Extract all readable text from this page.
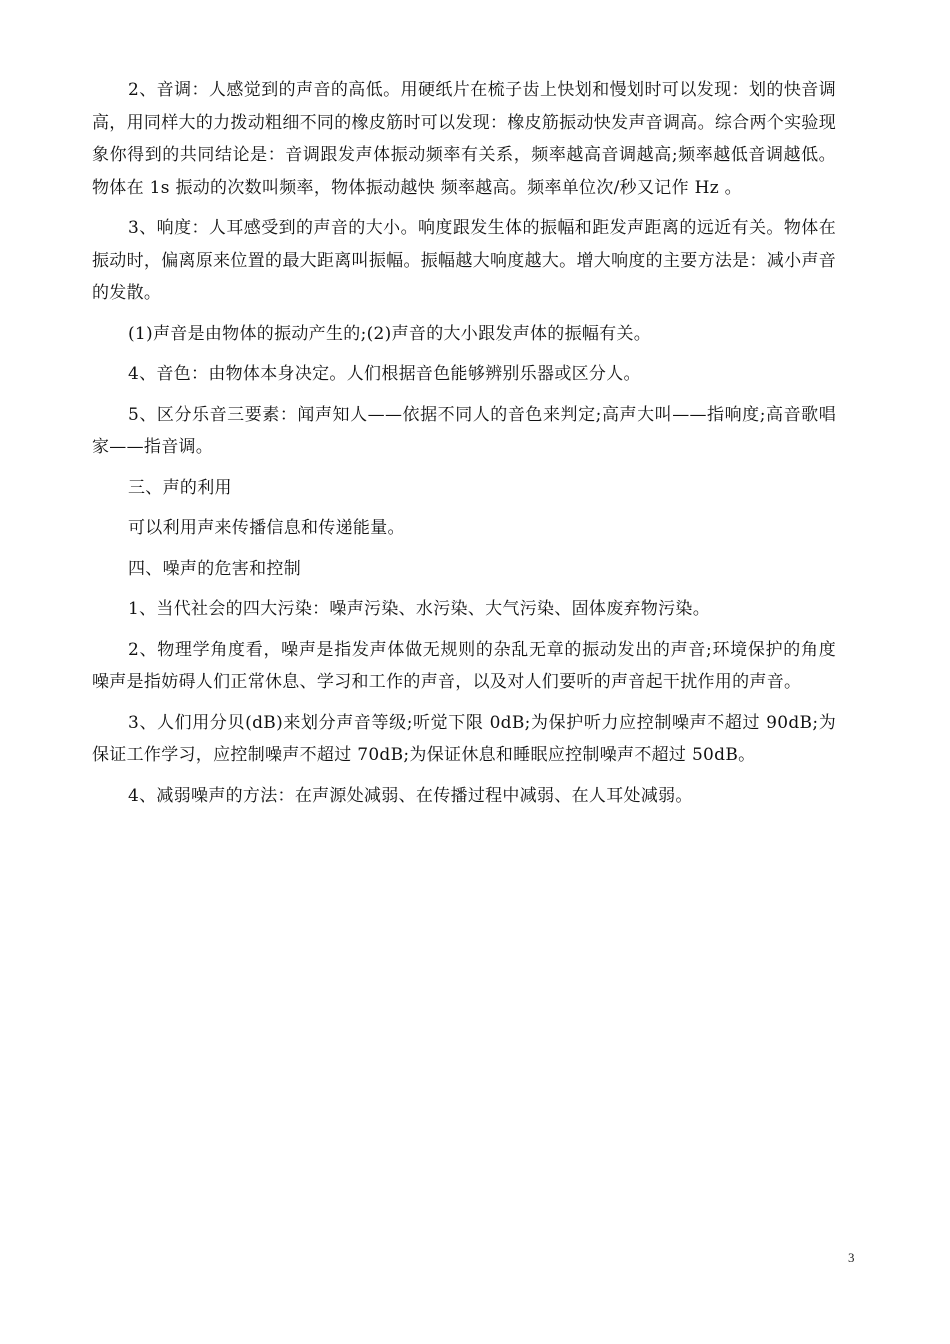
2、音调：人感觉到的声音的高低。用硬纸片在梳子齿上快划和慢划时可以发现：划的快音调高，用同样大的力拨动粗细不同的橡皮筋时可以发现：橡皮筋振动快发声音调高。综合两个实验现象你得到的共同结论是：音调跟发声体振动频率有关系，频率越高音调越高;频率越低音调越低。物体在 1s 振动的次数叫频率，物体振动越快 频率越高。频率单位次/秒又记作 Hz 。

3、响度：人耳感受到的声音的大小。响度跟发生体的振幅和距发声距离的远近有关。物体在振动时，偏离原来位置的最大距离叫振幅。振幅越大响度越大。增大响度的主要方法是：减小声音的发散。

(1)声音是由物体的振动产生的;(2)声音的大小跟发声体的振幅有关。

4、音色：由物体本身决定。人们根据音色能够辨别乐器或区分人。

5、区分乐音三要素：闻声知人——依据不同人的音色来判定;高声大叫——指响度;高音歌唱家——指音调。

三、声的利用

可以利用声来传播信息和传递能量。

四、噪声的危害和控制

1、当代社会的四大污染：噪声污染、水污染、大气污染、固体废弃物污染。

2、物理学角度看，噪声是指发声体做无规则的杂乱无章的振动发出的声音;环境保护的角度噪声是指妨碍人们正常休息、学习和工作的声音，以及对人们要听的声音起干扰作用的声音。

3、人们用分贝(dB)来划分声音等级;听觉下限 0dB;为保护听力应控制噪声不超过 90dB;为保证工作学习，应控制噪声不超过 70dB;为保证休息和睡眠应控制噪声不超过 50dB。

4、减弱噪声的方法：在声源处减弱、在传播过程中减弱、在人耳处减弱。

3
